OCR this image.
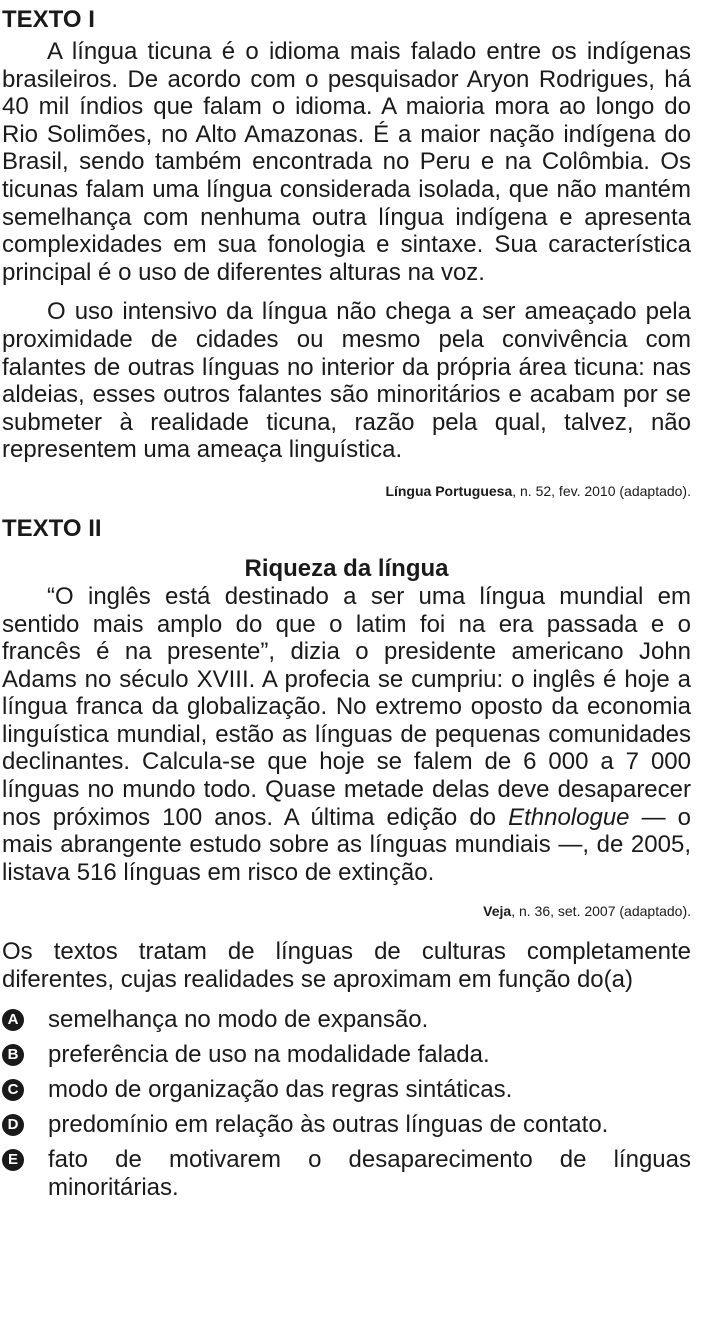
TEXTO I

A língua ticuna é o idioma mais falado entre os indígenas brasileiros. De acordo com o pesquisador Aryon Rodrigues, há 40 mil índios que falam o idioma. A maioria mora ao longo do Rio Solimões, no Alto Amazonas. É a maior nação indígena do Brasil, sendo também encontrada no Peru e na Colômbia. Os ticunas falam uma língua considerada isolada, que não mantém semelhança com nenhuma outra língua indígena e apresenta complexidades em sua fonologia e sintaxe. Sua característica principal é o uso de diferentes alturas na voz.

O uso intensivo da língua não chega a ser ameaçado pela proximidade de cidades ou mesmo pela convivência com falantes de outras línguas no interior da própria área ticuna: nas aldeias, esses outros falantes são minoritários e acabam por se submeter à realidade ticuna, razão pela qual, talvez, não representem uma ameaça linguística.

Língua Portuguesa, n. 52, fev. 2010 (adaptado).

TEXTO II
Riqueza da língua

“O inglês está destinado a ser uma língua mundial em sentido mais amplo do que o latim foi na era passada e o francês é na presente”, dizia o presidente americano John Adams no século XVIII. A profecia se cumpriu: o inglês é hoje a língua franca da globalização. No extremo oposto da economia linguística mundial, estão as línguas de pequenas comunidades declinantes. Calcula-se que hoje se falem de 6 000 a 7 000 línguas no mundo todo. Quase metade delas deve desaparecer nos próximos 100 anos. A última edição do Ethnologue — o mais abrangente estudo sobre as línguas mundiais —, de 2005, listava 516 línguas em risco de extinção.

Veja, n. 36, set. 2007 (adaptado).

Os textos tratam de línguas de culturas completamente diferentes, cujas realidades se aproximam em função do(a)

A semelhança no modo de expansão.
B preferência de uso na modalidade falada.
C modo de organização das regras sintáticas.
D predomínio em relação às outras línguas de contato.
E fato de motivarem o desaparecimento de línguas minoritárias.
